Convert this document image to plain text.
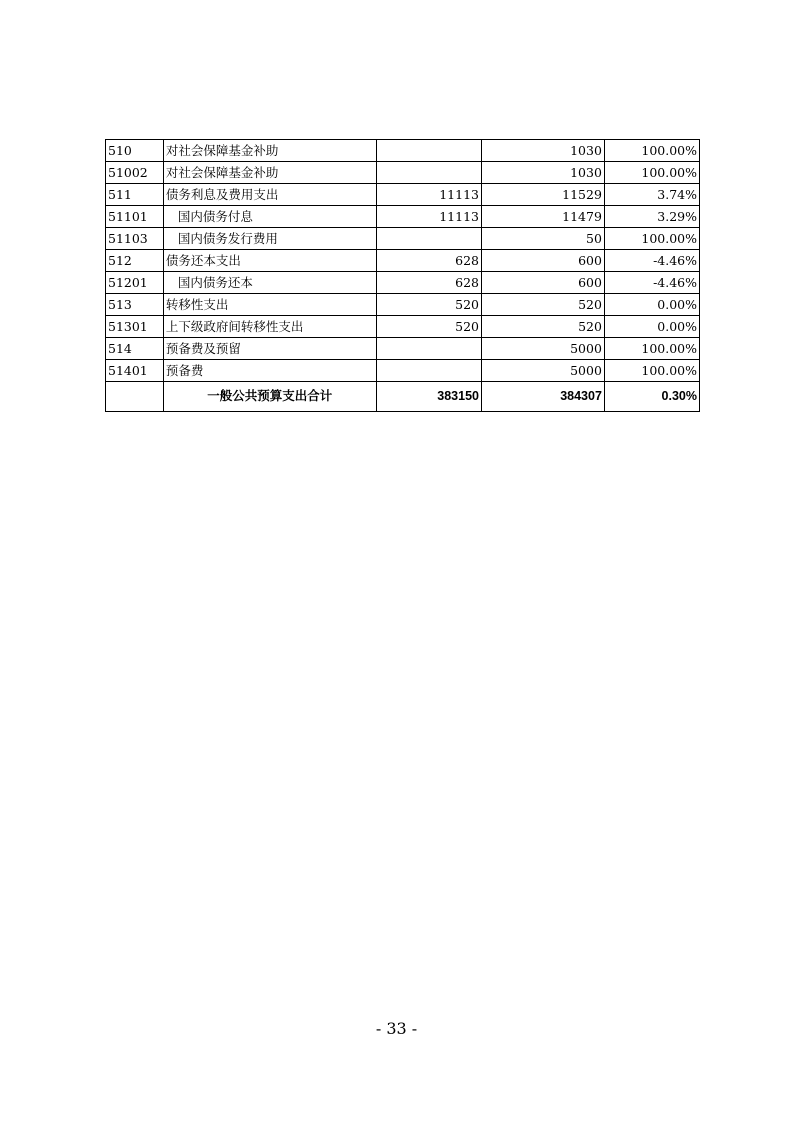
510	对社会保障基金补助		1030	100.00%
51002	对社会保障基金补助		1030	100.00%
511	债务利息及费用支出	11113	11529	3.74%
51101	国内债务付息	11113	11479	3.29%
51103	国内债务发行费用		50	100.00%
512	债务还本支出	628	600	-4.46%
51201	国内债务还本	628	600	-4.46%
513	转移性支出	520	520	0.00%
51301	上下级政府间转移性支出	520	520	0.00%
514	预备费及预留		5000	100.00%
51401	预备费		5000	100.00%
	一般公共预算支出合计	383150	384307	0.30%
- 33 -
